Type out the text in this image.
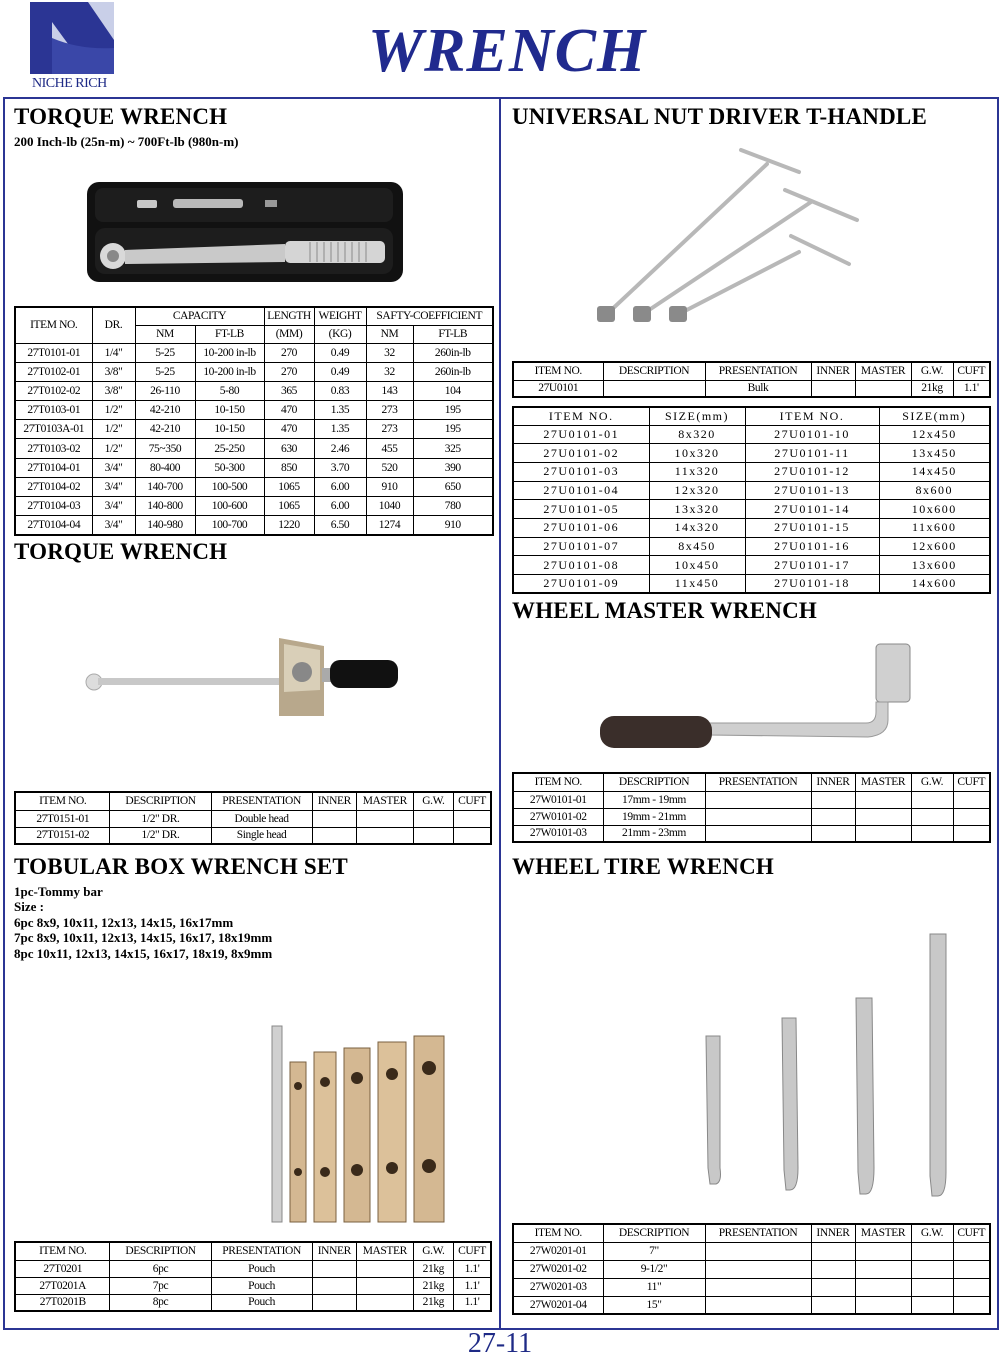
NICHE RICH	WRENCH
TORQUE WRENCH
200 Inch-lb (25n-m) ~ 700Ft-lb (980n-m)
ITEM NO.	DR.	CAPACITY		LENGTH	WEIGHT	SAFTY-COEFFICIENT	
		NM	FT-LB	(MM)	(KG)	NM	FT-LB
27T0101-01	1/4"	5-25	10-200 in-lb	270	0.49	32	260in-lb
27T0102-01	3/8"	5-25	10-200 in-lb	270	0.49	32	260in-lb
27T0102-02	3/8"	26-110	5-80	365	0.83	143	104
27T0103-01	1/2"	42-210	10-150	470	1.35	273	195
27T0103A-01	1/2"	42-210	10-150	470	1.35	273	195
27T0103-02	1/2"	75~350	25-250	630	2.46	455	325
27T0104-01	3/4"	80-400	50-300	850	3.70	520	390
27T0104-02	3/4"	140-700	100-500	1065	6.00	910	650
27T0104-03	3/4"	140-800	100-600	1065	6.00	1040	780
27T0104-04	3/4"	140-980	100-700	1220	6.50	1274	910
TORQUE WRENCH
ITEM NO.	DESCRIPTION	PRESENTATION	INNER	MASTER	G.W.	CUFT
27T0151-01	1/2" DR.	Double head				
27T0151-02	1/2" DR.	Single head				
TOBULAR BOX WRENCH SET
1pc-Tommy bar
Size :
6pc 8x9, 10x11, 12x13, 14x15, 16x17mm
7pc 8x9, 10x11, 12x13, 14x15, 16x17, 18x19mm
8pc 10x11, 12x13, 14x15, 16x17, 18x19, 8x9mm
ITEM NO.	DESCRIPTION	PRESENTATION	INNER	MASTER	G.W.	CUFT
27T0201	6pc	Pouch			21kg	1.1'
27T0201A	7pc	Pouch			21kg	1.1'
27T0201B	8pc	Pouch			21kg	1.1'
UNIVERSAL NUT DRIVER T-HANDLE
ITEM NO.	DESCRIPTION	PRESENTATION	INNER	MASTER	G.W.	CUFT
27U0101		Bulk			21kg	1.1'
ITEM NO.	SIZE(mm)	ITEM NO.	SIZE(mm)
27U0101-01	8x320	27U0101-10	12x450
27U0101-02	10x320	27U0101-11	13x450
27U0101-03	11x320	27U0101-12	14x450
27U0101-04	12x320	27U0101-13	8x600
27U0101-05	13x320	27U0101-14	10x600
27U0101-06	14x320	27U0101-15	11x600
27U0101-07	8x450	27U0101-16	12x600
27U0101-08	10x450	27U0101-17	13x600
27U0101-09	11x450	27U0101-18	14x600
WHEEL MASTER WRENCH
ITEM NO.	DESCRIPTION	PRESENTATION	INNER	MASTER	G.W.	CUFT
27W0101-01	17mm - 19mm					
27W0101-02	19mm - 21mm					
27W0101-03	21mm - 23mm					
WHEEL TIRE WRENCH
ITEM NO.	DESCRIPTION	PRESENTATION	INNER	MASTER	G.W.	CUFT
27W0201-01	7"					
27W0201-02	9-1/2"					
27W0201-03	11"					
27W0201-04	15"					
27-11
